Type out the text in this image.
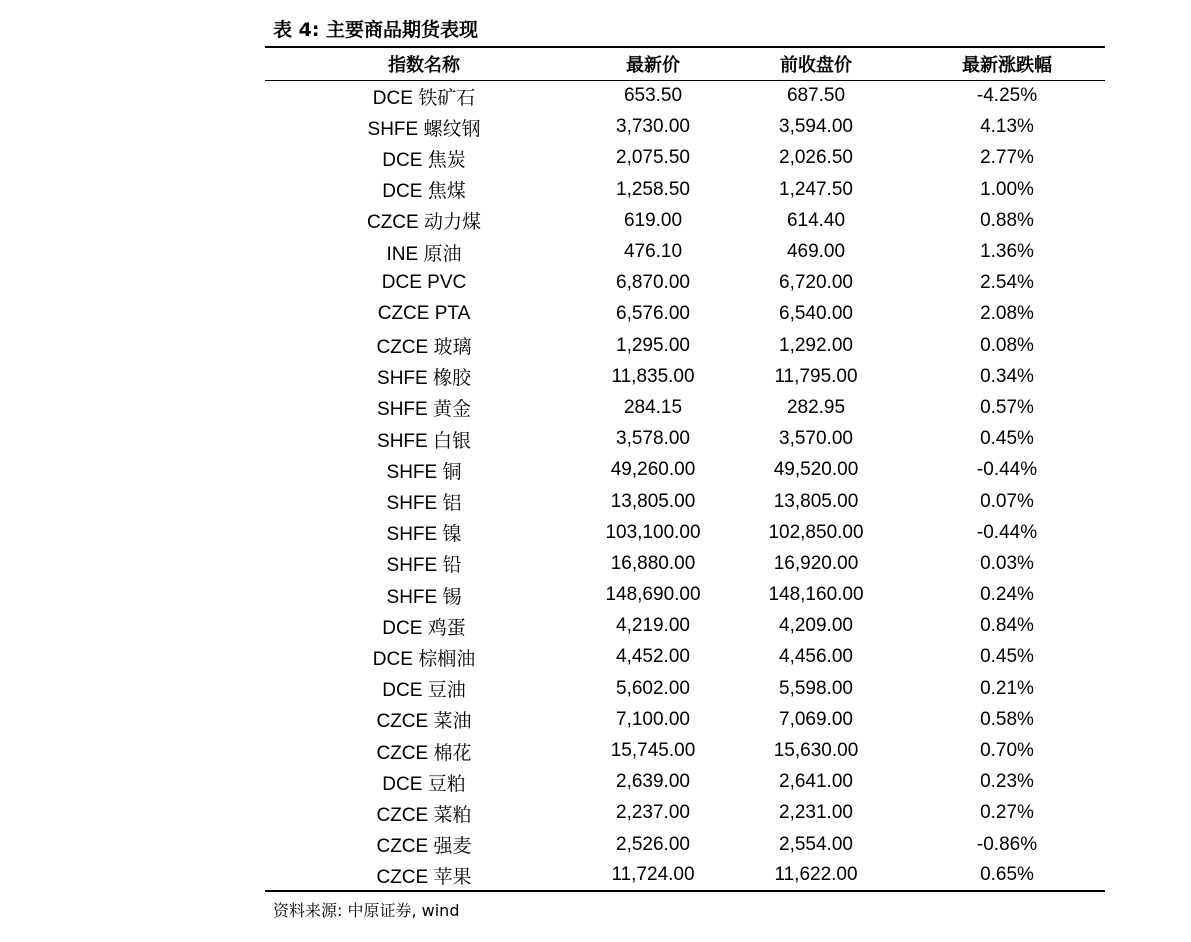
表 4: 主要商品期货表现
指数名称	最新价	前收盘价	最新涨跌幅
DCE 铁矿石	653.50	687.50	-4.25%
SHFE 螺纹钢	3,730.00	3,594.00	4.13%
DCE 焦炭	2,075.50	2,026.50	2.77%
DCE 焦煤	1,258.50	1,247.50	1.00%
CZCE 动力煤	619.00	614.40	0.88%
INE 原油	476.10	469.00	1.36%
DCE PVC	6,870.00	6,720.00	2.54%
CZCE PTA	6,576.00	6,540.00	2.08%
CZCE 玻璃	1,295.00	1,292.00	0.08%
SHFE 橡胶	11,835.00	11,795.00	0.34%
SHFE 黄金	284.15	282.95	0.57%
SHFE 白银	3,578.00	3,570.00	0.45%
SHFE 铜	49,260.00	49,520.00	-0.44%
SHFE 铝	13,805.00	13,805.00	0.07%
SHFE 镍	103,100.00	102,850.00	-0.44%
SHFE 铅	16,880.00	16,920.00	0.03%
SHFE 锡	148,690.00	148,160.00	0.24%
DCE 鸡蛋	4,219.00	4,209.00	0.84%
DCE 棕榈油	4,452.00	4,456.00	0.45%
DCE 豆油	5,602.00	5,598.00	0.21%
CZCE 菜油	7,100.00	7,069.00	0.58%
CZCE 棉花	15,745.00	15,630.00	0.70%
DCE 豆粕	2,639.00	2,641.00	0.23%
CZCE 菜粕	2,237.00	2,231.00	0.27%
CZCE 强麦	2,526.00	2,554.00	-0.86%
CZCE 苹果	11,724.00	11,622.00	0.65%
资料来源: 中原证券, wind
